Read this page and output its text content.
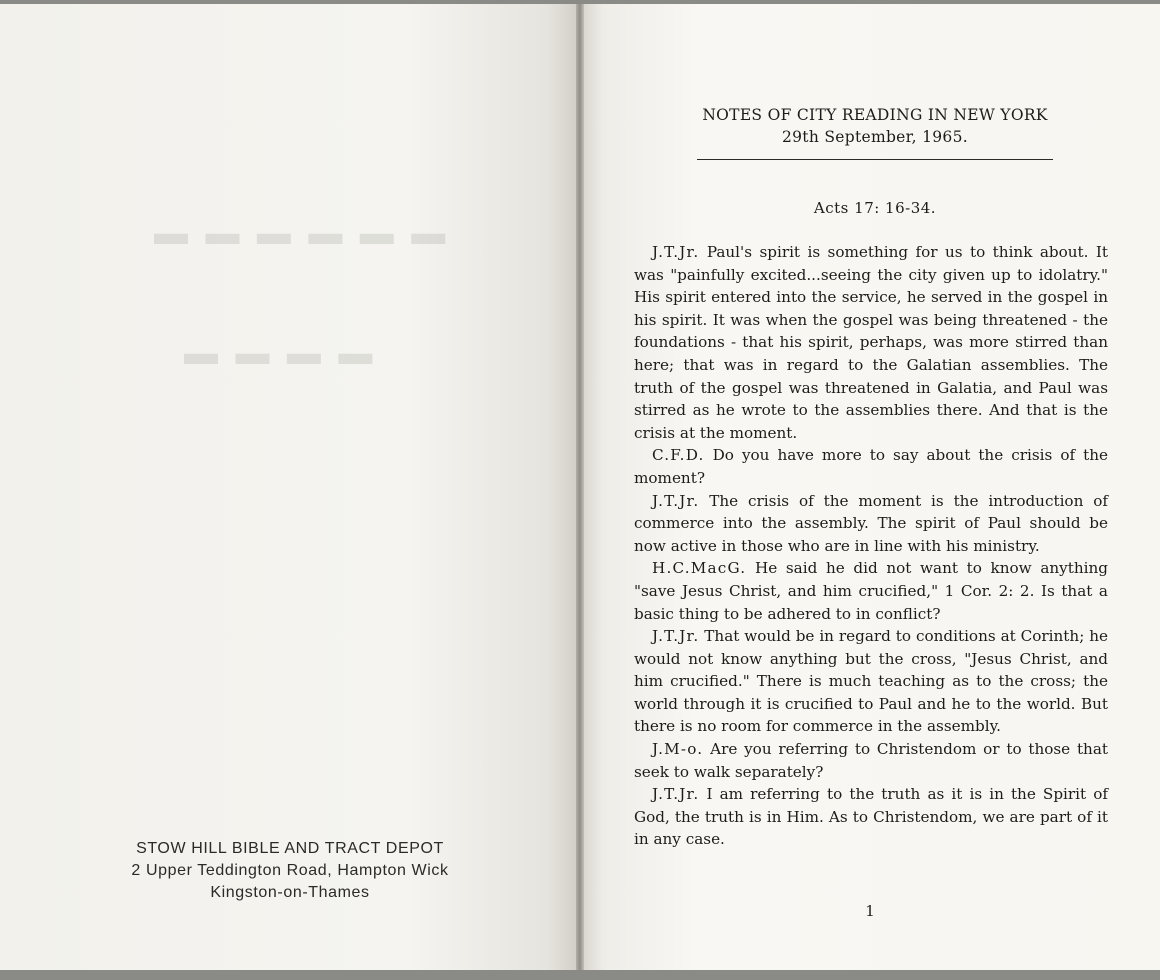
▬ ▬ ▬ ▬ ▬ ▬
▬ ▬ ▬ ▬
STOW HILL BIBLE AND TRACT DEPOT
2 Upper Teddington Road, Hampton Wick
Kingston-on-Thames
NOTES OF CITY READING IN NEW YORK
29th September, 1965.
Acts 17: 16-34.

J.T.Jr. Paul's spirit is something for us to think about. It was "painfully excited...seeing the city given up to idolatry." His spirit entered into the service, he served in the gospel in his spirit. It was when the gospel was being threatened - the foundations - that his spirit, perhaps, was more stirred than here; that was in regard to the Galatian assemblies. The truth of the gospel was threatened in Galatia, and Paul was stirred as he wrote to the assemblies there. And that is the crisis at the moment.

C.F.D. Do you have more to say about the crisis of the moment?

J.T.Jr. The crisis of the moment is the introduction of commerce into the assembly. The spirit of Paul should be now active in those who are in line with his ministry.

H.C.MacG. He said he did not want to know anything "save Jesus Christ, and him crucified," 1 Cor. 2: 2. Is that a basic thing to be adhered to in conflict?

J.T.Jr. That would be in regard to conditions at Corinth; he would not know anything but the cross, "Jesus Christ, and him crucified." There is much teaching as to the cross; the world through it is crucified to Paul and he to the world. But there is no room for commerce in the assembly.

J.M-o. Are you referring to Christendom or to those that seek to walk separately?

J.T.Jr. I am referring to the truth as it is in the Spirit of God, the truth is in Him. As to Christendom, we are part of it in any case.

1
